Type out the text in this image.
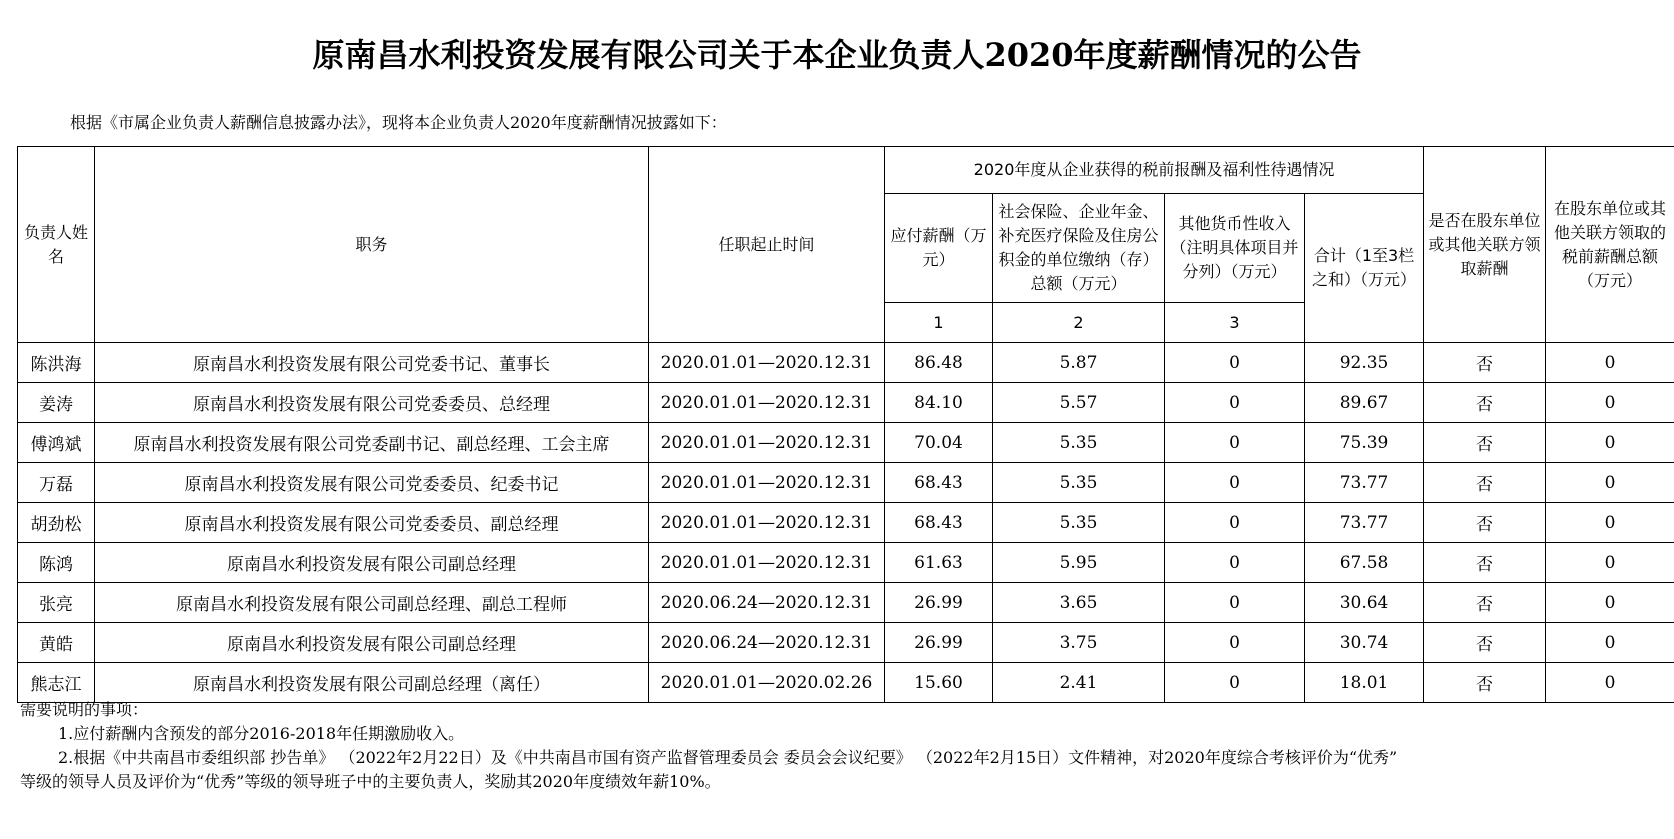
原南昌水利投资发展有限公司关于本企业负责人2020年度薪酬情况的公告
根据《市属企业负责人薪酬信息披露办法》，现将本企业负责人2020年度薪酬情况披露如下：
负责人姓名	职务	任职起止时间	2020年度从企业获得的税前报酬及福利性待遇情况				是否在股东单位或其他关联方领取薪酬	在股东单位或其他关联方领取的税前薪酬总额（万元）
			应付薪酬（万元）	社会保险、企业年金、补充医疗保险及住房公积金的单位缴纳（存）总额（万元）	其他货币性收入（注明具体项目并分列）（万元）	合计（1至3栏之和）（万元）		
			1	2	3			
陈洪海	原南昌水利投资发展有限公司党委书记、董事长	2020.01.01—2020.12.31	86.48	5.87	0	92.35	否	0
姜涛	原南昌水利投资发展有限公司党委委员、总经理	2020.01.01—2020.12.31	84.10	5.57	0	89.67	否	0
傅鸿斌	原南昌水利投资发展有限公司党委副书记、副总经理、工会主席	2020.01.01—2020.12.31	70.04	5.35	0	75.39	否	0
万磊	原南昌水利投资发展有限公司党委委员、纪委书记	2020.01.01—2020.12.31	68.43	5.35	0	73.77	否	0
胡劲松	原南昌水利投资发展有限公司党委委员、副总经理	2020.01.01—2020.12.31	68.43	5.35	0	73.77	否	0
陈鸿	原南昌水利投资发展有限公司副总经理	2020.01.01—2020.12.31	61.63	5.95	0	67.58	否	0
张亮	原南昌水利投资发展有限公司副总经理、副总工程师	2020.06.24—2020.12.31	26.99	3.65	0	30.64	否	0
黄皓	原南昌水利投资发展有限公司副总经理	2020.06.24—2020.12.31	26.99	3.75	0	30.74	否	0
熊志江	原南昌水利投资发展有限公司副总经理（离任）	2020.01.01—2020.02.26	15.60	2.41	0	18.01	否	0
需要说明的事项：
1.应付薪酬内含预发的部分2016-2018年任期激励收入。
2.根据《中共南昌市委组织部 抄告单》 （2022年2月22日）及《中共南昌市国有资产监督管理委员会 委员会会议纪要》 （2022年2月15日）文件精神，对2020年度综合考核评价为“优秀”
等级的领导人员及评价为“优秀”等级的领导班子中的主要负责人，奖励其2020年度绩效年薪10%。
